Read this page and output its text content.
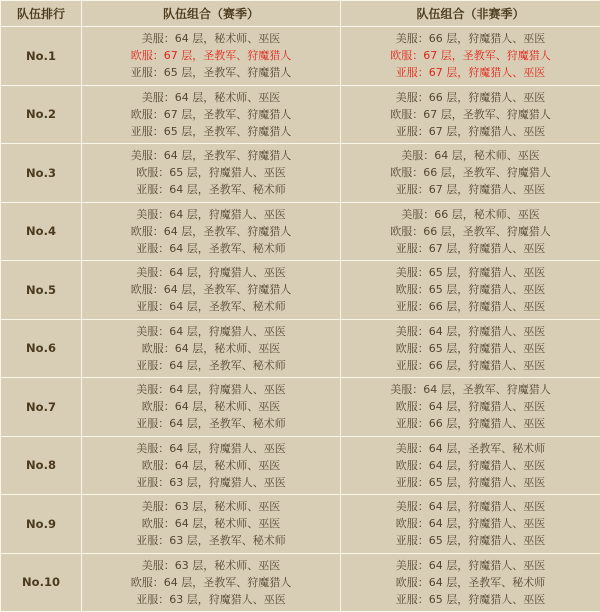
队伍排行	队伍组合（赛季）	队伍组合（非赛季）
No.1	美服：64 层，秘术师、巫医
欧服：67 层，圣教军、狩魔猎人
亚服：65 层，圣教军、狩魔猎人	美服：66 层，狩魔猎人、巫医
欧服：67 层，圣教军、狩魔猎人
亚服：67 层，狩魔猎人、巫医

No.2	美服：64 层，秘术师、巫医
欧服：67 层，圣教军、狩魔猎人
亚服：65 层，圣教军、狩魔猎人	美服：66 层，狩魔猎人、巫医
欧服：67 层，圣教军、狩魔猎人
亚服：67 层，狩魔猎人、巫医

No.3	美服：64 层，圣教军、狩魔猎人
欧服：65 层，狩魔猎人、巫医
亚服：64 层，圣教军、秘术师	美服：64 层，秘术师、巫医
欧服：66 层，圣教军、狩魔猎人
亚服：67 层，狩魔猎人、巫医

No.4	美服：64 层，狩魔猎人、巫医
欧服：64 层，圣教军、狩魔猎人
亚服：64 层，圣教军、秘术师	美服：66 层，秘术师、巫医
欧服：66 层，圣教军、狩魔猎人
亚服：67 层，狩魔猎人、巫医

No.5	美服：64 层，狩魔猎人、巫医
欧服：64 层，圣教军、狩魔猎人
亚服：64 层，圣教军、秘术师	美服：65 层，狩魔猎人、巫医
欧服：65 层，狩魔猎人、巫医
亚服：66 层，狩魔猎人、巫医

No.6	美服：64 层，狩魔猎人、巫医
欧服：64 层，秘术师、巫医
亚服：64 层，圣教军、秘术师	美服：64 层，狩魔猎人、巫医
欧服：65 层，狩魔猎人、巫医
亚服：66 层，狩魔猎人、巫医

No.7	美服：64 层，狩魔猎人、巫医
欧服：64 层，秘术师、巫医
亚服：64 层，圣教军、秘术师	美服：64 层，圣教军、狩魔猎人
欧服：64 层，狩魔猎人、巫医
亚服：66 层，狩魔猎人、巫医

No.8	美服：64 层，狩魔猎人、巫医
欧服：64 层，秘术师、巫医
亚服：63 层，狩魔猎人、巫医	美服：64 层，圣教军、秘术师
欧服：64 层，狩魔猎人、巫医
亚服：65 层，狩魔猎人、巫医

No.9	美服：63 层，秘术师、巫医
欧服：64 层，秘术师、巫医
亚服：63 层，圣教军、秘术师	美服：64 层，狩魔猎人、巫医
欧服：64 层，狩魔猎人、巫医
亚服：65 层，狩魔猎人、巫医

No.10	美服：63 层，秘术师、巫医
欧服：64 层，圣教军、狩魔猎人
亚服：63 层，狩魔猎人、巫医	美服：64 层，狩魔猎人、巫医
欧服：64 层，圣教军、秘术师
亚服：65 层，狩魔猎人、巫医
